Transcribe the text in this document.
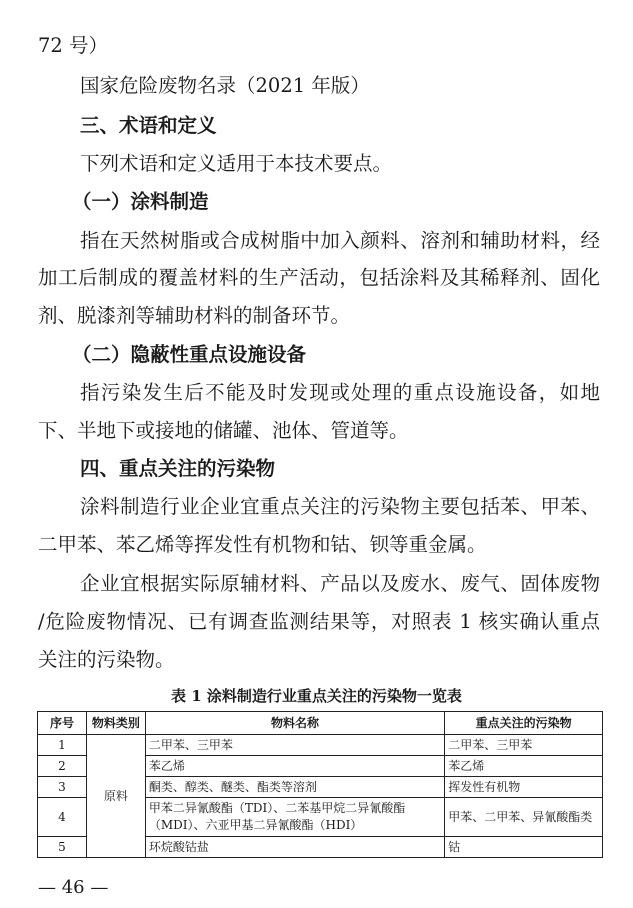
72 号）
国家危险废物名录（2021 年版）
三、术语和定义
下列术语和定义适用于本技术要点。
（一）涂料制造
指在天然树脂或合成树脂中加入颜料、溶剂和辅助材料，经
加工后制成的覆盖材料的生产活动，包括涂料及其稀释剂、固化
剂、脱漆剂等辅助材料的制备环节。
（二）隐蔽性重点设施设备
指污染发生后不能及时发现或处理的重点设施设备，如地
下、半地下或接地的储罐、池体、管道等。
四、重点关注的污染物
涂料制造行业企业宜重点关注的污染物主要包括苯、甲苯、
二甲苯、苯乙烯等挥发性有机物和钴、钡等重金属。
企业宜根据实际原辅材料、产品以及废水、废气、固体废物
/危险废物情况、已有调查监测结果等，对照表 1 核实确认重点
关注的污染物。
表 1 涂料制造行业重点关注的污染物一览表
序号	物料类别	物料名称	重点关注的污染物
1	原料	二甲苯、三甲苯	二甲苯、三甲苯
2		苯乙烯	苯乙烯
3		酮类、醇类、醚类、酯类等溶剂	挥发性有机物
4		甲苯二异氰酸酯（TDI）、二苯基甲烷二异氰酸酯
（MDI）、六亚甲基二异氰酸酯（HDI）	甲苯、二甲苯、异氰酸酯类
5		环烷酸钴盐	钴
— 46 —
